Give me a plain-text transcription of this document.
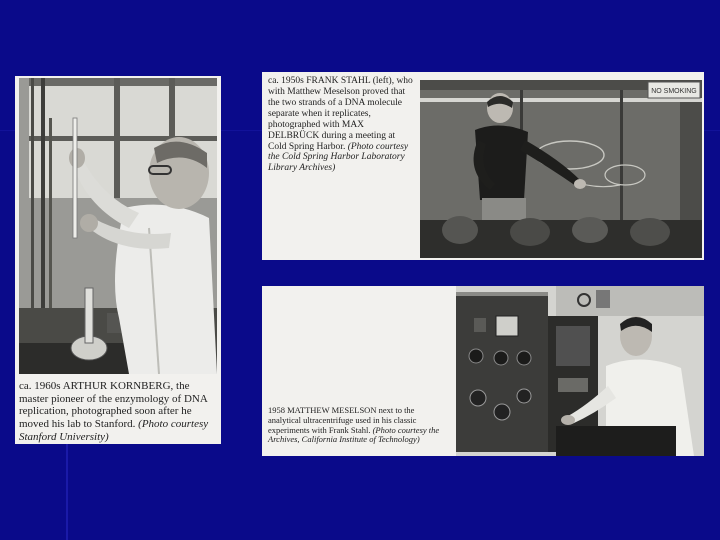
ca. 1960s ARTHUR KORNBERG, the master pioneer of the enzymology of DNA replication, photographed soon after he moved his lab to Stanford. (Photo courtesy Stanford University)
ca. 1950s FRANK STAHL (left), who with Matthew Meselson proved that the two strands of a DNA molecule separate when it replicates, photographed with MAX DELBRÜCK during a meeting at Cold Spring Harbor. (Photo courtesy the Cold Spring Harbor Laboratory Library Archives)
NO SMOKING
1958 MATTHEW MESELSON next to the analytical ultracentrifuge used in his classic experiments with Frank Stahl. (Photo courtesy the Archives, California Institute of Technology)
